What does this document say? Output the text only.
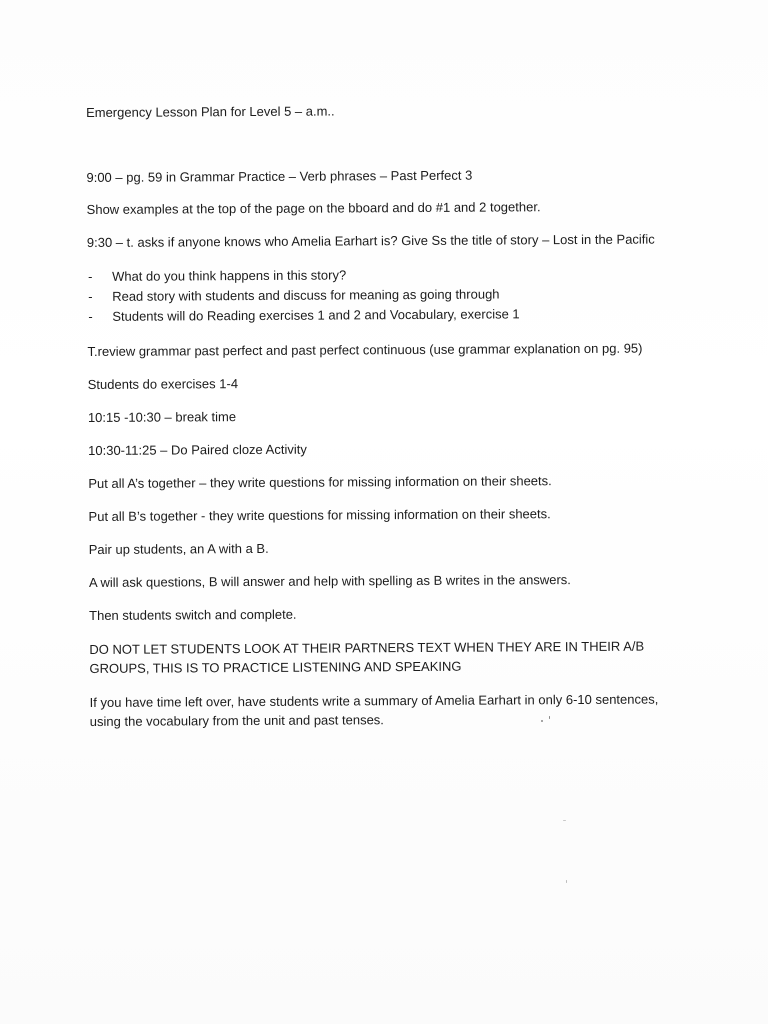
Emergency Lesson Plan for Level 5 – a.m..

9:00 – pg. 59 in Grammar Practice – Verb phrases – Past Perfect 3

Show examples at the top of the page on the bboard and do #1 and 2 together.

9:30 – t. asks if anyone knows who Amelia Earhart is? Give Ss the title of story – Lost in the Pacific

- What do you think happens in this story?
- Read story with students and discuss for meaning as going through
- Students will do Reading exercises 1 and 2 and Vocabulary, exercise 1

T.review grammar past perfect and past perfect continuous (use grammar explanation on pg. 95)

Students do exercises 1-4

10:15 -10:30 – break time

10:30-11:25 – Do Paired cloze Activity

Put all A’s together – they write questions for missing information on their sheets.

Put all B’s together - they write questions for missing information on their sheets.

Pair up students, an A with a B.

A will ask questions, B will answer and help with spelling as B writes in the answers.

Then students switch and complete.

DO NOT LET STUDENTS LOOK AT THEIR PARTNERS TEXT WHEN THEY ARE IN THEIR A/B GROUPS, THIS IS TO PRACTICE LISTENING AND SPEAKING

If you have time left over, have students write a summary of Amelia Earhart in only 6-10 sentences, using the vocabulary from the unit and past tenses.
